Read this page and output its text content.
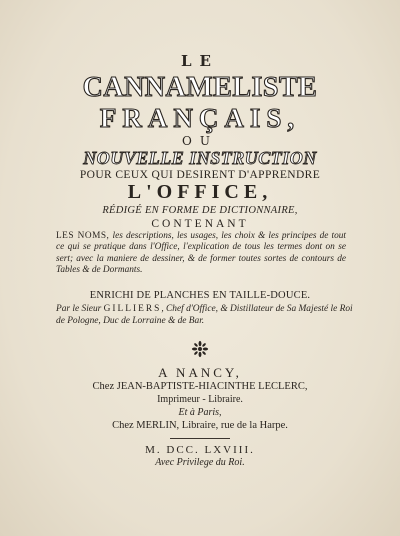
LE
CANNAMELISTE
FRANÇAIS,
OU
NOUVELLE INSTRUCTION
POUR CEUX QUI DESIRENT D'APPRENDRE
L'OFFICE,
RÉDIGÉ EN FORME DE DICTIONNAIRE,
CONTENANT
LES NOMS, les descriptions, les usages, les choix & les principes de tout ce qui se pratique dans l'Office, l'explication de tous les termes dont on se sert; avec la maniere de dessiner, & de former toutes sortes de contours de Tables & de Dormants.
ENRICHI DE PLANCHES EN TAILLE-DOUCE.
Par le Sieur GILLIERS, Chef d'Office, & Distillateur de Sa Majesté le Roi de Pologne, Duc de Lorraine & de Bar.
A NANCY,
Chez JEAN-BAPTISTE-HIACINTHE LECLERC,
Imprimeur - Libraire.
Et à Paris,
Chez MERLIN, Libraire, rue de la Harpe.
M. DCC. LXVIII.
Avec Privilege du Roi.
